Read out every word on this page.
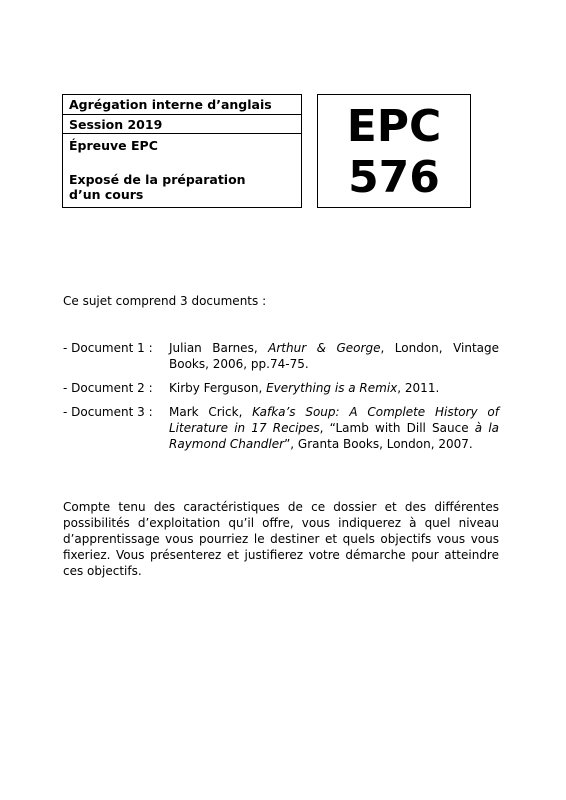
Agrégation interne d’anglais
Session 2019
Épreuve EPC
Exposé de la préparation
d’un cours
EPC
576
Ce sujet comprend 3 documents :
- Document 1 :	Julian Barnes, Arthur & George, London, Vintage Books, 2006, pp.74-75.
- Document 2 :	Kirby Ferguson, Everything is a Remix, 2011.
- Document 3 :	Mark Crick, Kafka’s Soup: A Complete History of Literature in 17 Recipes, “Lamb with Dill Sauce à la Raymond Chandler”, Granta Books, London, 2007.
Compte tenu des caractéristiques de ce dossier et des différentes possibilités d’exploitation qu’il offre, vous indiquerez à quel niveau d’apprentissage vous pourriez le destiner et quels objectifs vous vous fixeriez. Vous présenterez et justifierez votre démarche pour atteindre ces objectifs.
